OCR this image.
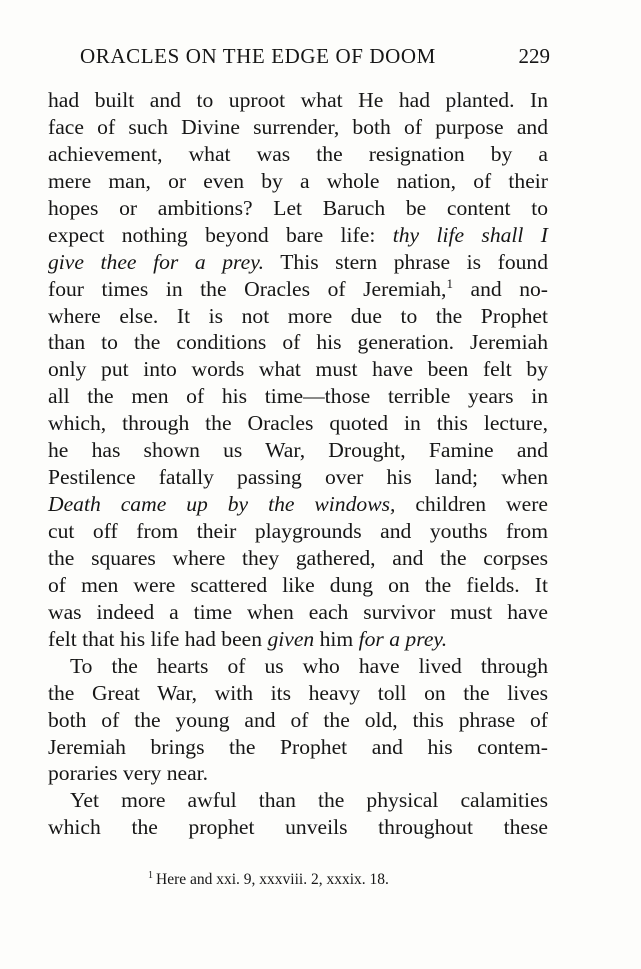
ORACLES ON THE EDGE OF DOOM	229
had built and to uproot what He had planted. In
face of such Divine surrender, both of purpose and
achievement, what was the resignation by a
mere man, or even by a whole nation, of their
hopes or ambitions? Let Baruch be content to
expect nothing beyond bare life: thy life shall I
give thee for a prey. This stern phrase is found
four times in the Oracles of Jeremiah,$^1$ and no-
where else. It is not more due to the Prophet
than to the conditions of his generation. Jeremiah
only put into words what must have been felt by
all the men of his time—those terrible years in
which, through the Oracles quoted in this lecture,
he has shown us War, Drought, Famine and
Pestilence fatally passing over his land; when
Death came up by the windows, children were
cut off from their playgrounds and youths from
the squares where they gathered, and the corpses
of men were scattered like dung on the fields. It
was indeed a time when each survivor must have
felt that his life had been given him for a prey.
To the hearts of us who have lived through
the Great War, with its heavy toll on the lives
both of the young and of the old, this phrase of
Jeremiah brings the Prophet and his contem-
poraries very near.
Yet more awful than the physical calamities
which the prophet unveils throughout these
$^1$ Here and xxi. 9, xxxviii. 2, xxxix. 18.
